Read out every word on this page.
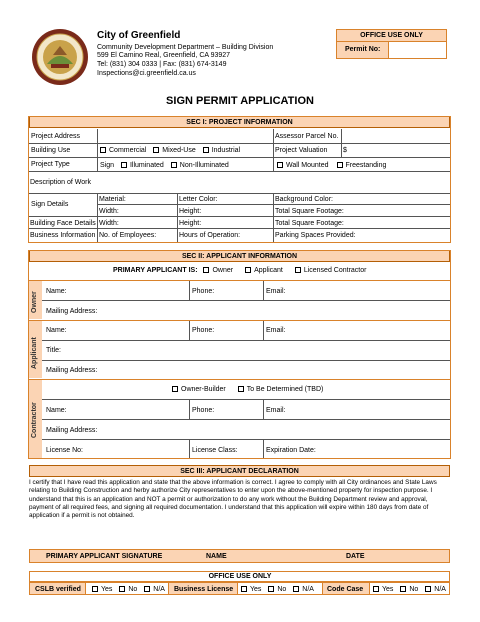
City of Greenfield
Community Development Department – Building Division
599 El Camino Real, Greenfield, CA 93927
Tel: (831) 304 0333 | Fax: (831) 674-3149
Inspections@ci.greenfield.ca.us
OFFICE USE ONLY
Permit No:
SIGN PERMIT APPLICATION
SEC I: PROJECT INFORMATION
Project Address	Assessor Parcel No.
Building Use	Commercial Mixed-Use Industrial	Project Valuation $
Project Type	Sign Illuminated Non-Illuminated	Wall Mounted Freestanding
Description of Work
Sign Details
Material:	Letter Color:	Background Color:
Width:	Height:	Total Square Footage:
Building Face Details Width:	Height:	Total Square Footage:
Business Information No. of Employees:	Hours of Operation:	Parking Spaces Provided:
SEC II: APPLICANT INFORMATION
PRIMARY APPLICANT IS: Owner	Applicant	Licensed Contractor
Owner
Applicant
Contractor
Name:	Phone:	Email:
Mailing Address:
Name:	Phone:	Email:
Title:
Mailing Address:
Owner-Builder	To Be Determined (TBD)
Name:	Phone:	Email:
Mailing Address:
License No:	License Class:	Expiration Date:
SEC III: APPLICANT DECLARATION
I certify that I have read this application and state that the above information is correct. I agree to comply with all City ordinances and State Laws relating to Building Construction and herby authorize City representatives to enter upon the above-mentioned property for inspection purpose. I understand that this is an application and NOT a permit or authorization to do any work without the Building Department review and approval, payment of all required fees, and signing all required documentation. I understand that this application will expire within 180 days from date of application if a permit is not obtained.
PRIMARY APPLICANT SIGNATURE	NAME	DATE
OFFICE USE ONLY
CSLB verified	Yes No N/A Business License	Yes No N/A Code Case	Yes No N/A
